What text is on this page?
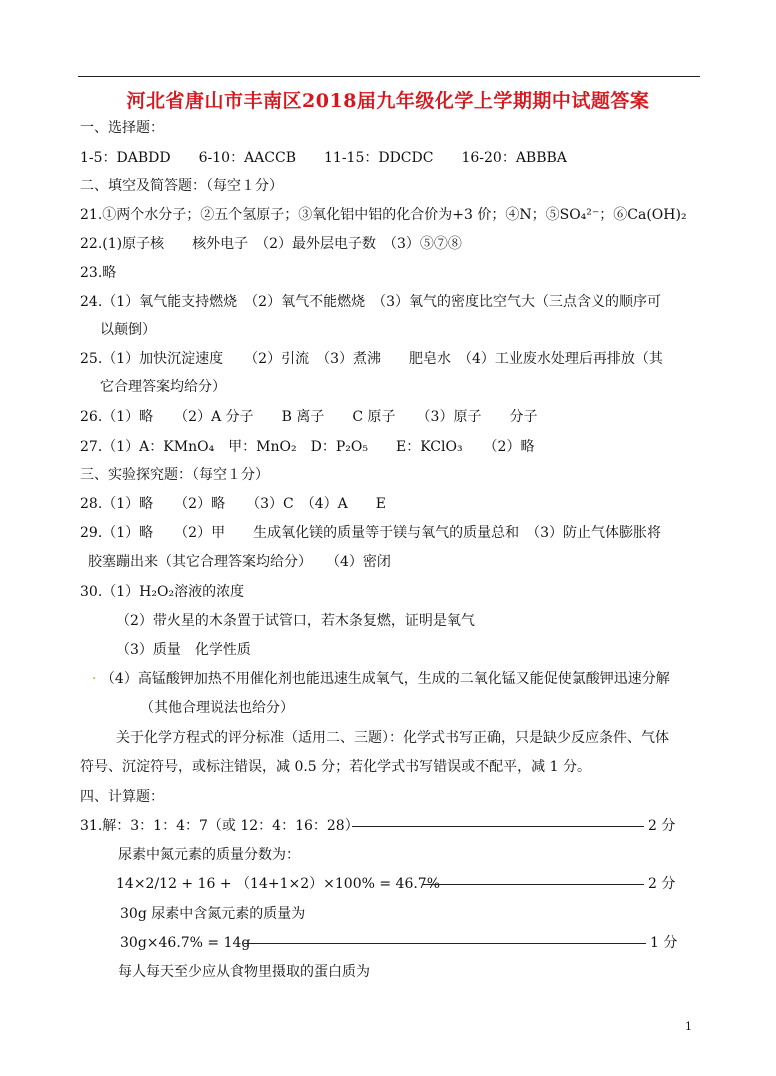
河北省唐山市丰南区2018届九年级化学上学期期中试题答案
一、选择题：
1-5：DABDD　　6-10：AACCB　　11-15：DDCDC　　16-20：ABBBA
二、填空及简答题：（每空１分）
21.①两个水分子；②五个氢原子；③氧化铝中铝的化合价为+3 价；④N；⑤SO₄²⁻；⑥Ca(OH)₂
22.(1)原子核　　核外电子　（2）最外层电子数　（3）⑤⑦⑧
23.略
24.（1）氧气能支持燃烧　（2）氧气不能燃烧　（3）氧气的密度比空气大（三点含义的顺序可
以颠倒）
25.（1）加快沉淀速度　　（2）引流　（3）煮沸　　肥皂水　（4）工业废水处理后再排放（其
它合理答案均给分）
26.（1）略　　（2）A 分子　　B 离子　　C 原子　　（3）原子　　分子
27.（1）A：KMnO₄　甲：MnO₂　D：P₂O₅　　E：KClO₃　　（2）略
三、实验探究题：（每空１分）
28.（1）略　　（2）略　　（3）C　（4）A　　E
29.（1）略　　（2）甲　　生成氧化镁的质量等于镁与氧气的质量总和　（3）防止气体膨胀将
胶塞蹦出来（其它合理答案均给分）　　（4）密闭
30.（1）H₂O₂溶液的浓度
（2）带火星的木条置于试管口，若木条复燃，证明是氧气
（3）质量　化学性质
· （4）高锰酸钾加热不用催化剂也能迅速生成氧气，生成的二氧化锰又能促使氯酸钾迅速分解
（其他合理说法也给分）
关于化学方程式的评分标准（适用二、三题）：化学式书写正确，只是缺少反应条件、气体
符号、沉淀符号，或标注错误，减 0.5 分；若化学式书写错误或不配平，减 1 分。
四、计算题：
31.解：3：1：4：7（或 12：4：16：28）	2 分
尿素中氮元素的质量分数为：
14×2/12 + 16 + （14+1×2）×100% = 46.7%	2 分
30g 尿素中含氮元素的质量为
30g×46.7% = 14g	1 分
每人每天至少应从食物里摄取的蛋白质为
1
